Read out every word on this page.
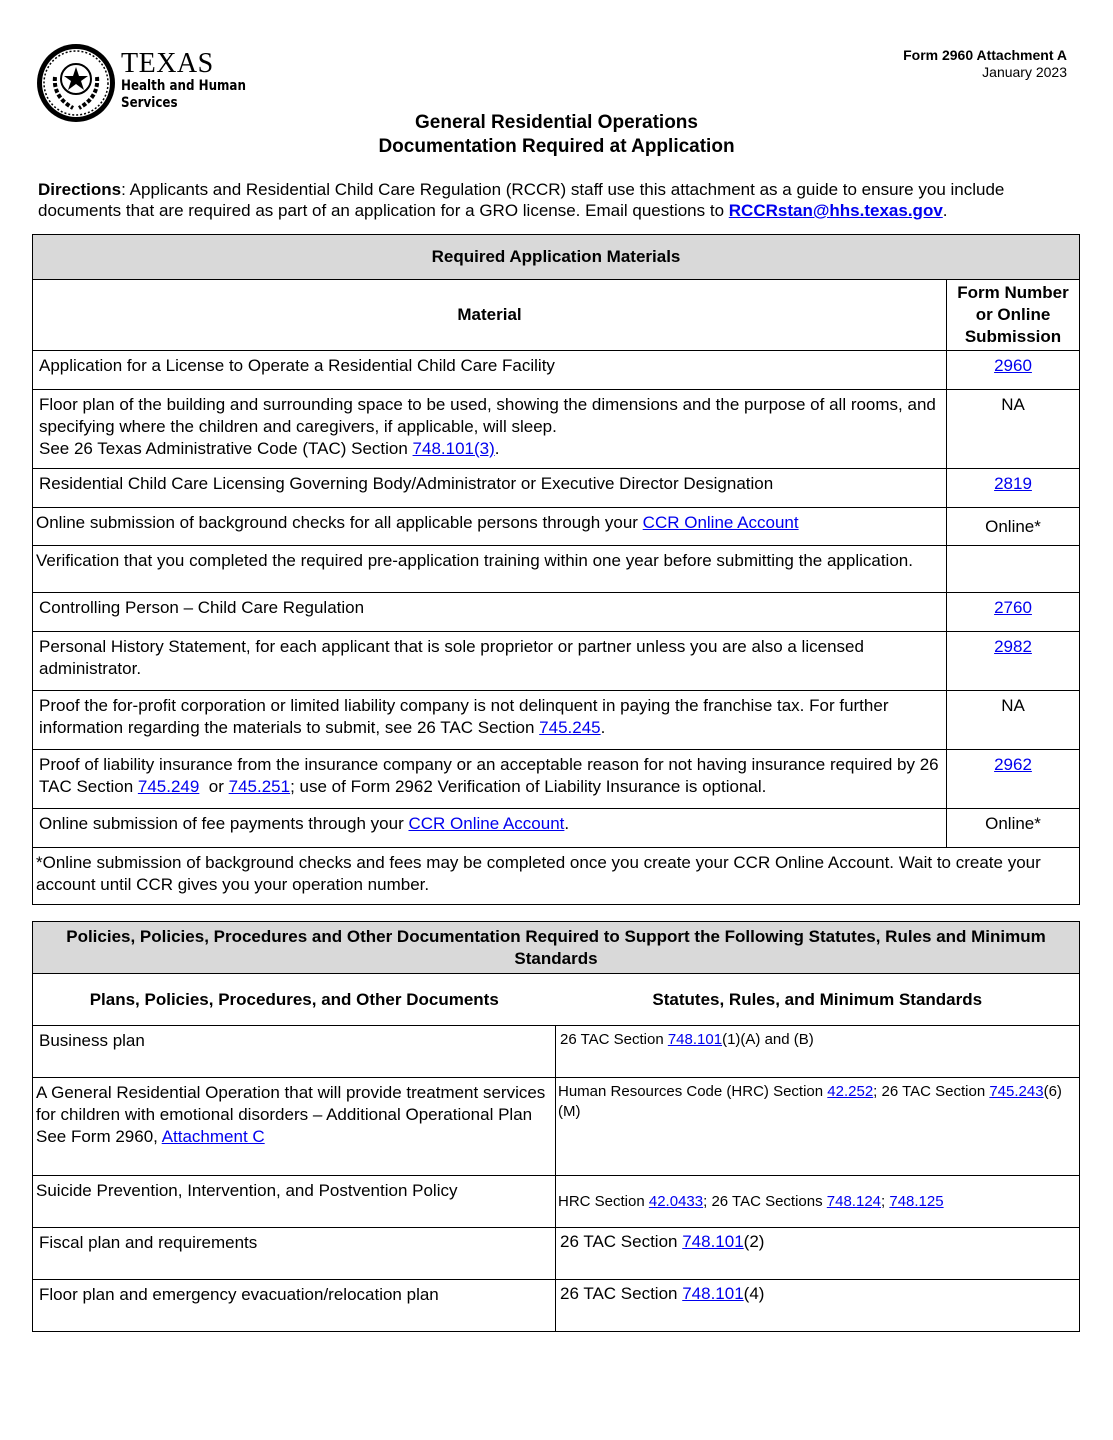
TEXAS
Health and Human
Services
Form 2960 Attachment A
January 2023
General Residential Operations
Documentation Required at Application
Directions: Applicants and Residential Child Care Regulation (RCCR) staff use this attachment as a guide to ensure you include documents that are required as part of an application for a GRO license. Email questions to RCCRstan@hhs.texas.gov.
Required Application Materials	
Material	Form Number or Online Submission
Application for a License to Operate a Residential Child Care Facility	2960
Floor plan of the building and surrounding space to be used, showing the dimensions and the purpose of all rooms, and specifying where the children and caregivers, if applicable, will sleep.
See 26 Texas Administrative Code (TAC) Section 748.101(3).	NA
Residential Child Care Licensing Governing Body/Administrator or Executive Director Designation	2819
Online submission of background checks for all applicable persons through your CCR Online Account	Online*
Verification that you completed the required pre-application training within one year before submitting the application.	
Controlling Person – Child Care Regulation	2760
Personal History Statement, for each applicant that is sole proprietor or partner unless you are also a licensed administrator.	2982
Proof the for-profit corporation or limited liability company is not delinquent in paying the franchise tax. For further information regarding the materials to submit, see 26 TAC Section 745.245.	NA
Proof of liability insurance from the insurance company or an acceptable reason for not having insurance required by 26 TAC Section 745.249  or 745.251; use of Form 2962 Verification of Liability Insurance is optional.	2962
Online submission of fee payments through your CCR Online Account.	Online*
*Online submission of background checks and fees may be completed once you create your CCR Online Account. Wait to create your account until CCR gives you your operation number.	
Policies, Policies, Procedures and Other Documentation Required to Support the Following Statutes, Rules and Minimum Standards	
Plans, Policies, Procedures, and Other Documents	Statutes, Rules, and Minimum Standards
Business plan	26 TAC Section 748.101(1)(A) and (B)
A General Residential Operation that will provide treatment services for children with emotional disorders – Additional Operational Plan
See Form 2960, Attachment C	Human Resources Code (HRC) Section 42.252; 26 TAC Section 745.243(6)(M)
Suicide Prevention, Intervention, and Postvention Policy	HRC Section 42.0433; 26 TAC Sections 748.124; 748.125
Fiscal plan and requirements	26 TAC Section 748.101(2)
Floor plan and emergency evacuation/relocation plan	26 TAC Section 748.101(4)
